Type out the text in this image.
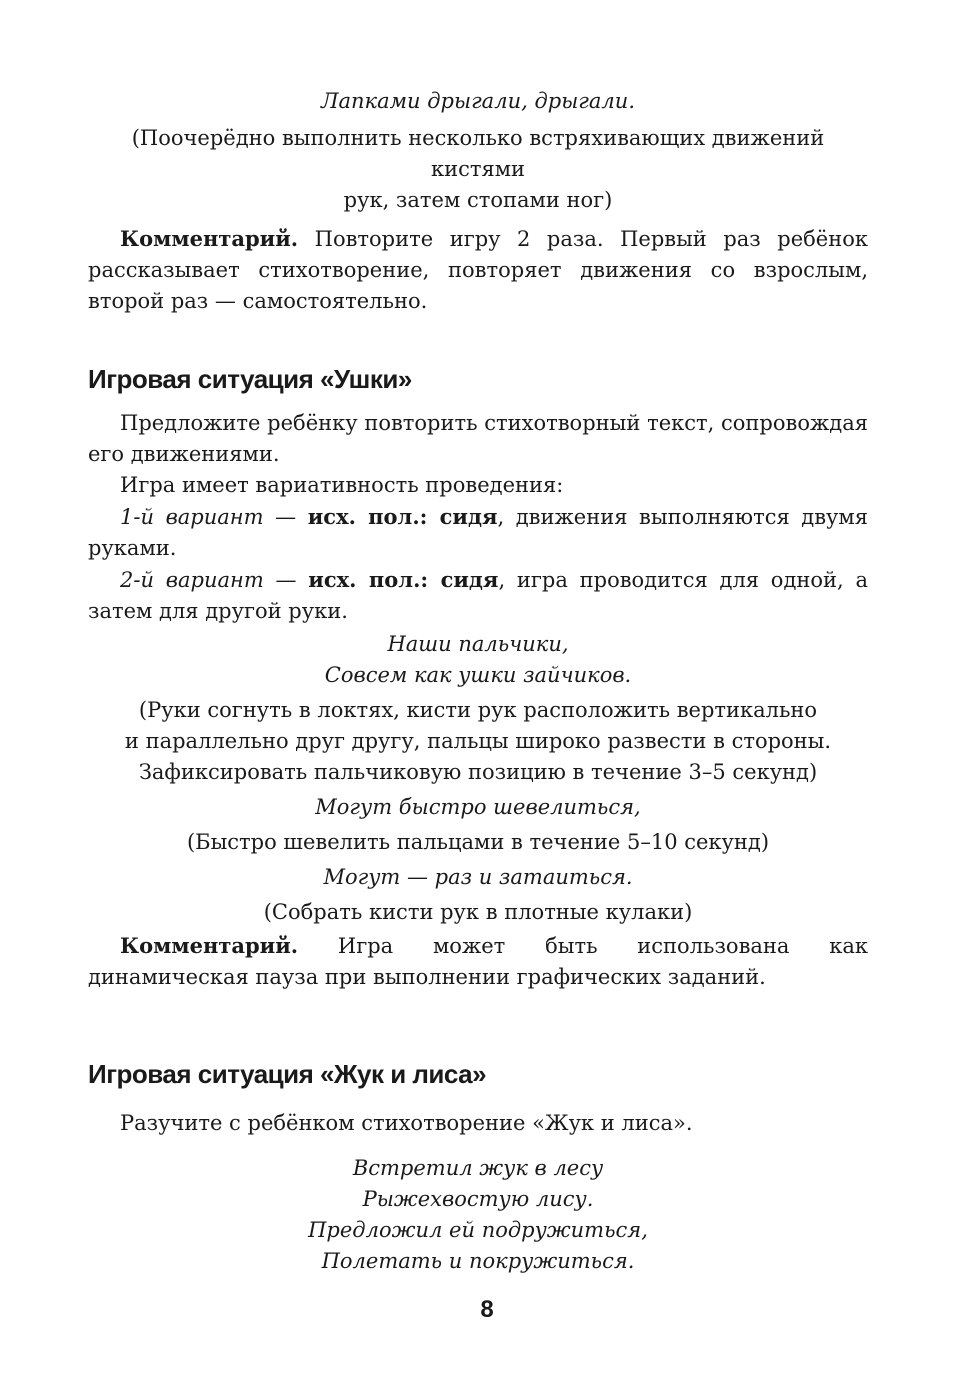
Лапками дрыгали, дрыгали.

(Поочерёдно выполнить несколько встряхивающих движений кистями
рук, затем стопами ног)

Комментарий. Повторите игру 2 раза. Первый раз ребёнок рассказывает стихотворение, повторяет движения со взрослым, второй раз — самостоятельно.

Игровая ситуация «Ушки»

Предложите ребёнку повторить стихотворный текст, сопровождая его движениями.

Игра имеет вариативность проведения:

1-й вариант — исх. пол.: сидя, движения выполняются двумя руками.

2-й вариант — исх. пол.: сидя, игра проводится для одной, а затем для другой руки.

Наши пальчики,
Совсем как ушки зайчиков.
(Руки согнуть в локтях, кисти рук расположить вертикально
и параллельно друг другу, пальцы широко развести в стороны.
Зафиксировать пальчиковую позицию в течение 3–5 секунд)
Могут быстро шевелиться,
(Быстро шевелить пальцами в течение 5–10 секунд)
Могут — раз и затаиться.
(Собрать кисти рук в плотные кулаки)

Комментарий. Игра может быть использована как динамическая пауза при выполнении графических заданий.

Игровая ситуация «Жук и лиса»

Разучите с ребёнком стихотворение «Жук и лиса».

Встретил жук в лесу
Рыжехвостую лису.
Предложил ей подружиться,
Полетать и покружиться.
8
